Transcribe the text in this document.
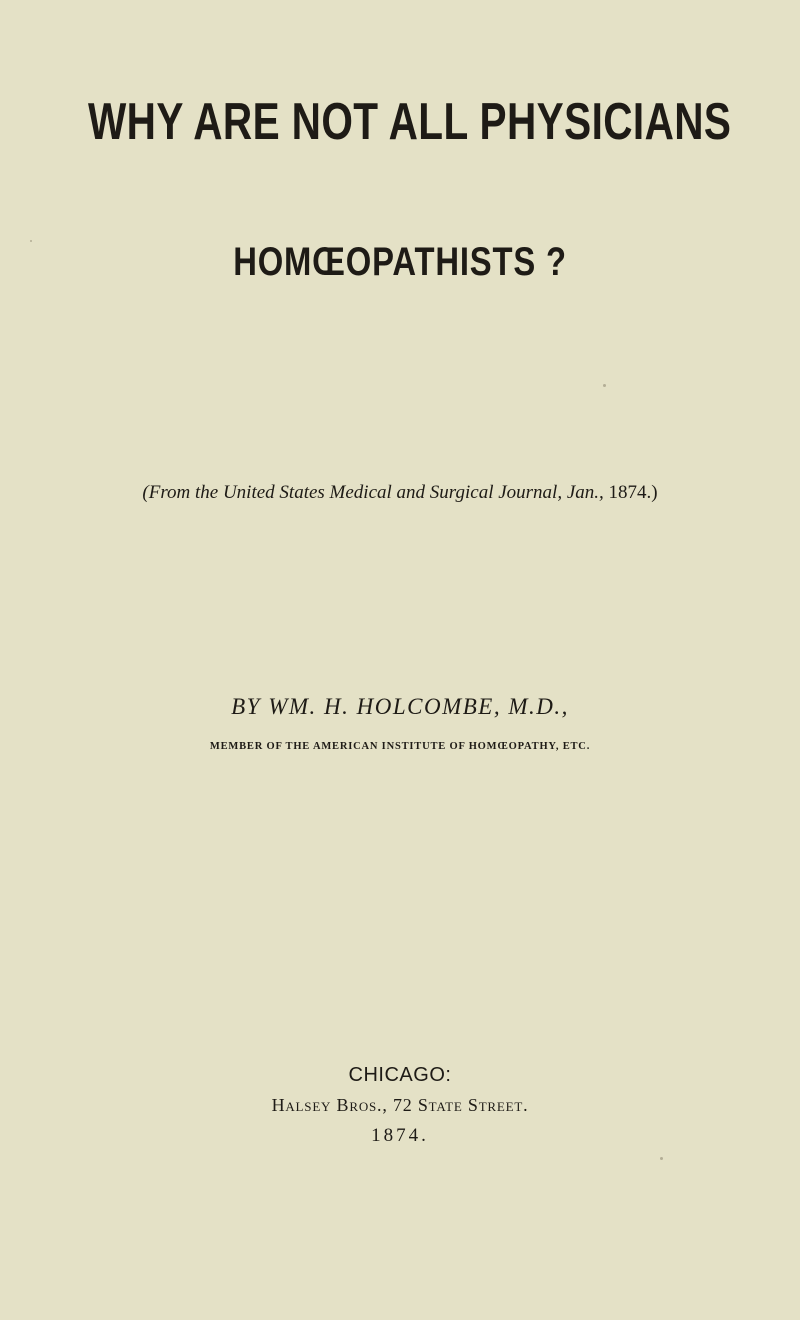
WHY ARE NOT ALL PHYSICIANS
HOMŒOPATHISTS ?
(From the United States Medical and Surgical Journal, Jan., 1874.)
BY WM. H. HOLCOMBE, M.D.,
MEMBER OF THE AMERICAN INSTITUTE OF HOMŒOPATHY, ETC.
CHICAGO:
Halsey Bros., 72 State Street.
1874.
